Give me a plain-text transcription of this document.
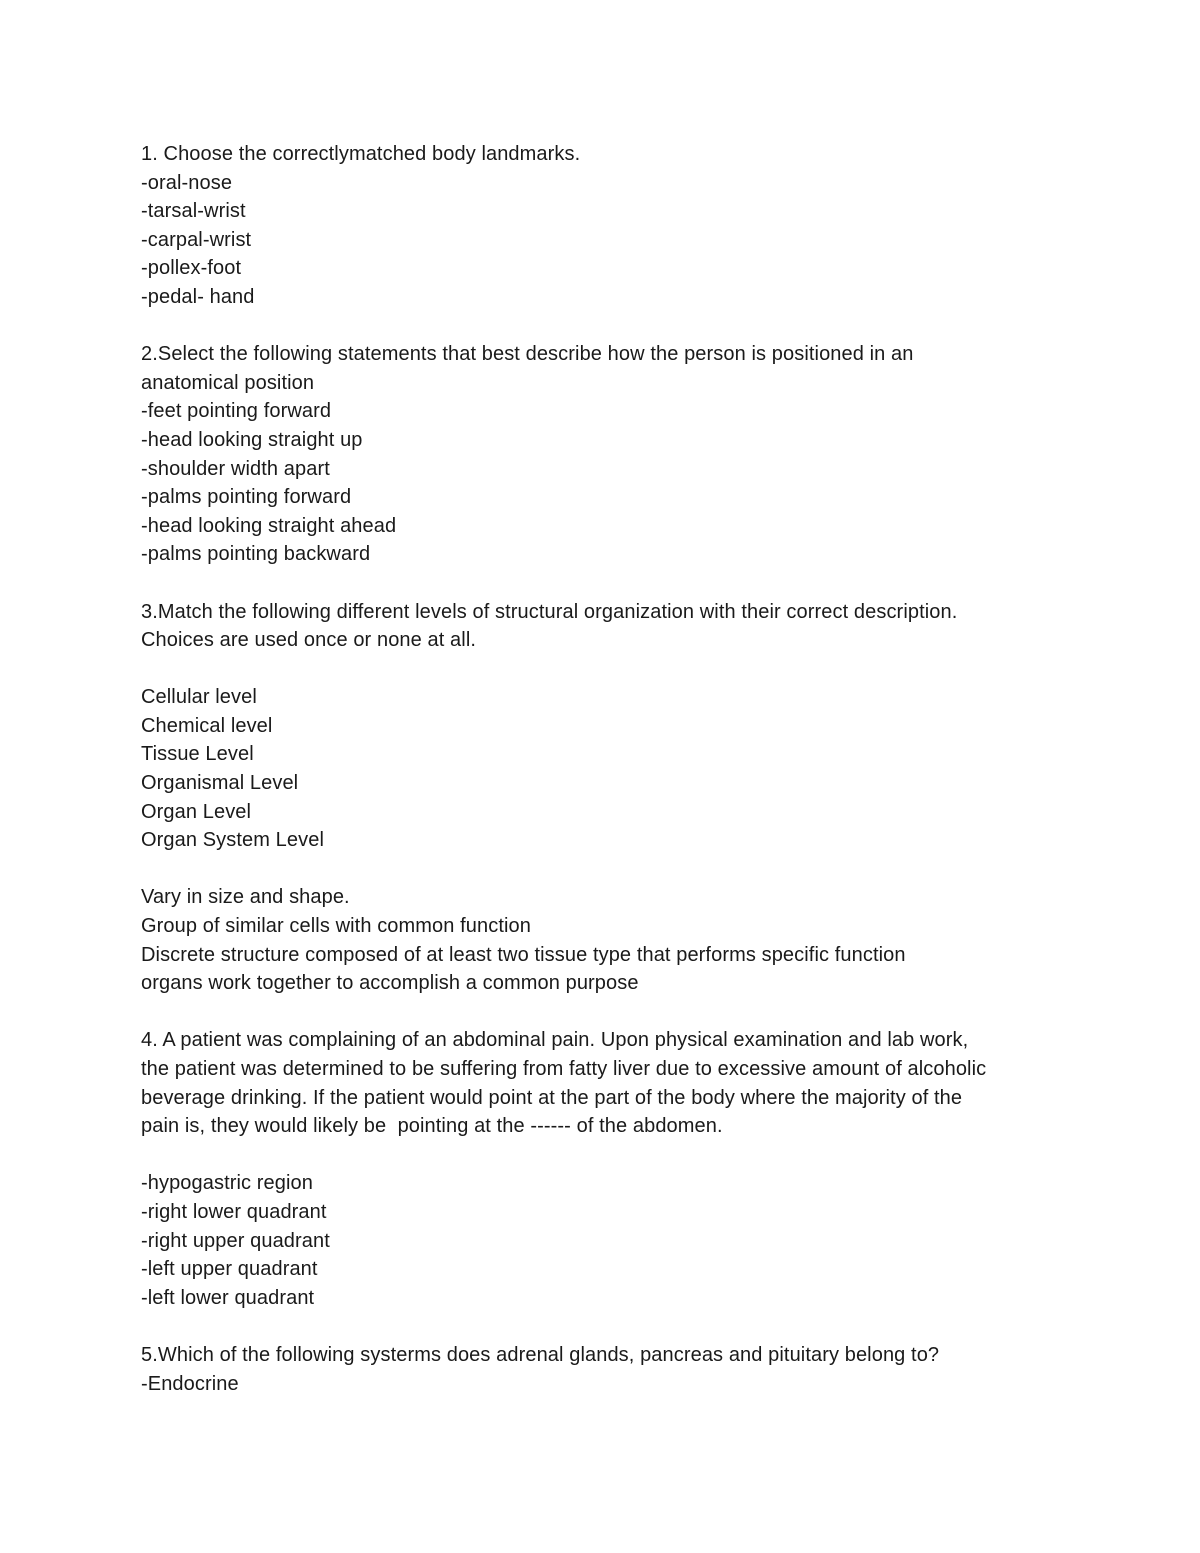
1. Choose the correctlymatched body landmarks.
-oral-nose
-tarsal-wrist
-carpal-wrist
-pollex-foot
-pedal- hand
2.Select the following statements that best describe how the person is positioned in an
anatomical position
-feet pointing forward
-head looking straight up
-shoulder width apart
-palms pointing forward
-head looking straight ahead
-palms pointing backward
3.Match the following different levels of structural organization with their correct description.
Choices are used once or none at all.
Cellular level
Chemical level
Tissue Level
Organismal Level
Organ Level
Organ System Level
Vary in size and shape.
Group of similar cells with common function
Discrete structure composed of at least two tissue type that performs specific function
organs work together to accomplish a common purpose
4. A patient was complaining of an abdominal pain. Upon physical examination and lab work,
the patient was determined to be suffering from fatty liver due to excessive amount of alcoholic
beverage drinking. If the patient would point at the part of the body where the majority of the
pain is, they would likely be  pointing at the ------ of the abdomen.
-hypogastric region
-right lower quadrant
-right upper quadrant
-left upper quadrant
-left lower quadrant
5.Which of the following systerms does adrenal glands, pancreas and pituitary belong to?
-Endocrine
